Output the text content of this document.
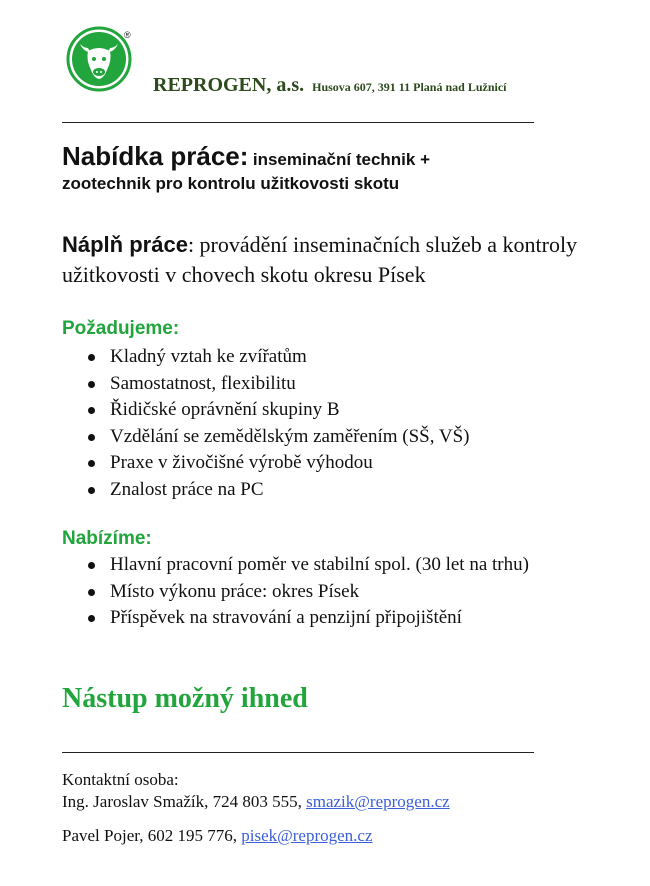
®
REPROGEN, a.s. Husova 607, 391 11 Planá nad Lužnicí
Nabídka práce: inseminační technik +
zootechnik pro kontrolu užitkovosti skotu
Náplň práce: provádění inseminačních služeb a kontroly užitkovosti v chovech skotu okresu Písek
Požadujeme:
Kladný vztah ke zvířatům
Samostatnost, flexibilitu
Řidičské oprávnění skupiny B
Vzdělání se zemědělským zaměřením (SŠ, VŠ)
Praxe v živočišné výrobě výhodou
Znalost práce na PC
Nabízíme:
Hlavní pracovní poměr ve stabilní spol. (30 let na trhu)
Místo výkonu práce: okres Písek
Příspěvek na stravování a penzijní připojištění
Nástup možný ihned
Kontaktní osoba:
Ing. Jaroslav Smažík, 724 803 555, smazik@reprogen.cz
Pavel Pojer, 602 195 776, pisek@reprogen.cz
